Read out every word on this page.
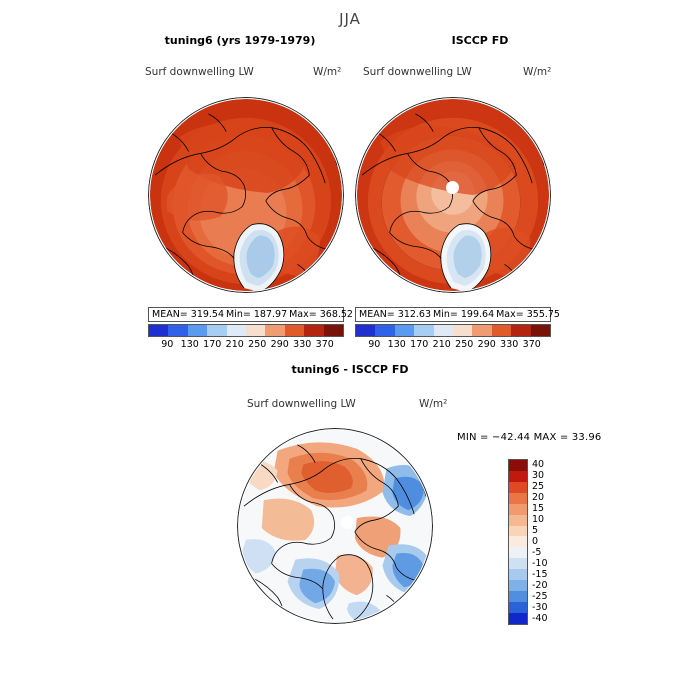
JJA
tuning6 (yrs 1979-1979)
Surf downwelling LW	W/m²
MEAN= 319.54 Min= 187.97 Max= 368.52
90 130 170 210 250 290 330 370
ISCCP FD
Surf downwelling LW	W/m²
MEAN= 312.63 Min= 199.64 Max= 355.75
90 130 170 210 250 290 330 370
tuning6 - ISCCP FD
Surf downwelling LW	W/m²
MIN = −42.44 MAX = 33.96
40
30
25
20
15
10
5
0
-5
-10
-15
-20
-25
-30
-40
